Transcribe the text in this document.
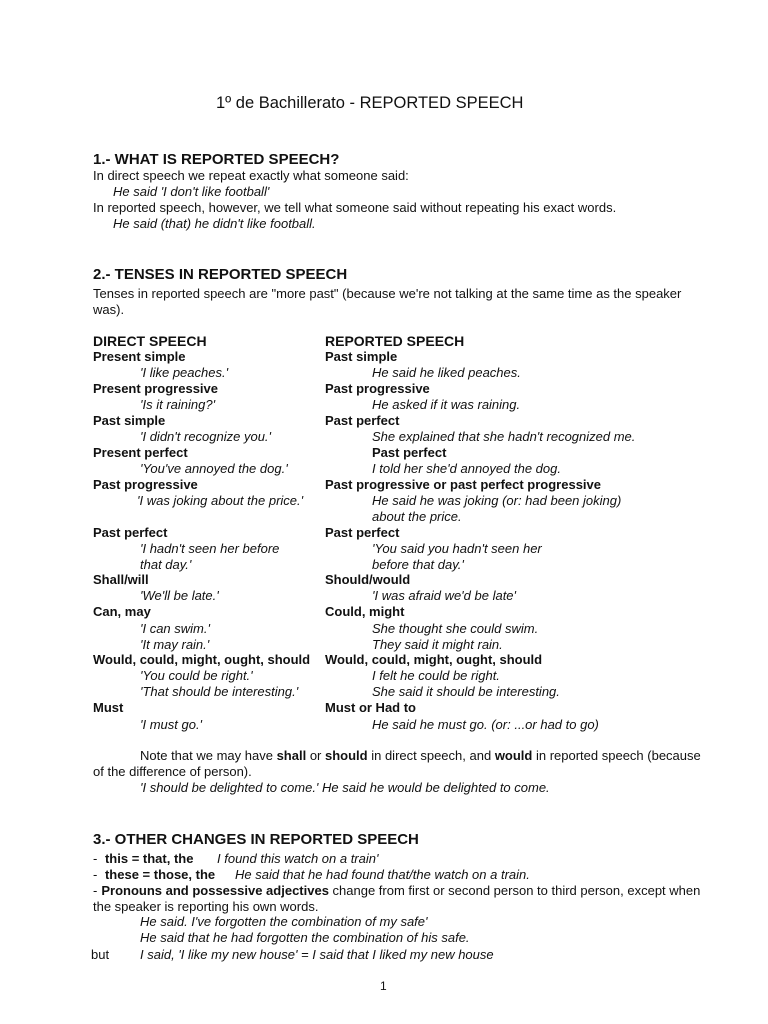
1º de Bachillerato - REPORTED SPEECH
1.- WHAT IS REPORTED SPEECH?
In direct speech we repeat exactly what someone said:
He said 'I don't like football'
In reported speech, however, we tell what someone said without repeating his exact words.
He said (that) he didn't like football.
2.- TENSES IN REPORTED SPEECH
Tenses in reported speech are "more past" (because we're not talking at the same time as the speaker
was).
DIRECT SPEECH	REPORTED SPEECH
Present simple
'I like peaches.'
Past simple
He said he liked peaches.
Present progressive
'Is it raining?'
Past progressive
He asked if it was raining.
Past simple
'I didn't recognize you.'
Past perfect
She explained that she hadn't recognized me.
Present perfect
'You've annoyed the dog.'
Past perfect
I told her she'd annoyed the dog.
Past progressive
'I was joking about the price.'
Past progressive or past perfect progressive
He said he was joking (or: had been joking)
about the price.
Past perfect
'I hadn't seen her before
that day.'
Past perfect
'You said you hadn't seen her
before that day.'
Shall/will
'We'll be late.'
Should/would
'I was afraid we'd be late'
Can, may
'I can swim.'
'It may rain.'
Could, might
She thought she could swim.
They said it might rain.
Would, could, might, ought, should
'You could be right.'
'That should be interesting.'
Would, could, might, ought, should
I felt he could be right.
She said it should be interesting.
Must
'I must go.'
Must or Had to
He said he must go. (or: ...or had to go)
Note that we may have shall or should in direct speech, and would in reported speech (because
of the difference of person).
'I should be delighted to come.' He said he would be delighted to come.
3.- OTHER CHANGES IN REPORTED SPEECH
- this = that, the I found this watch on a train'
- these = those, the He said that he had found that/the watch on a train.
- Pronouns and possessive adjectives change from first or second person to third person, except when
the speaker is reporting his own words.
He said. I've forgotten the combination of my safe'
He said that he had forgotten the combination of his safe.
but I said, 'I like my new house' = I said that I liked my new house
1
